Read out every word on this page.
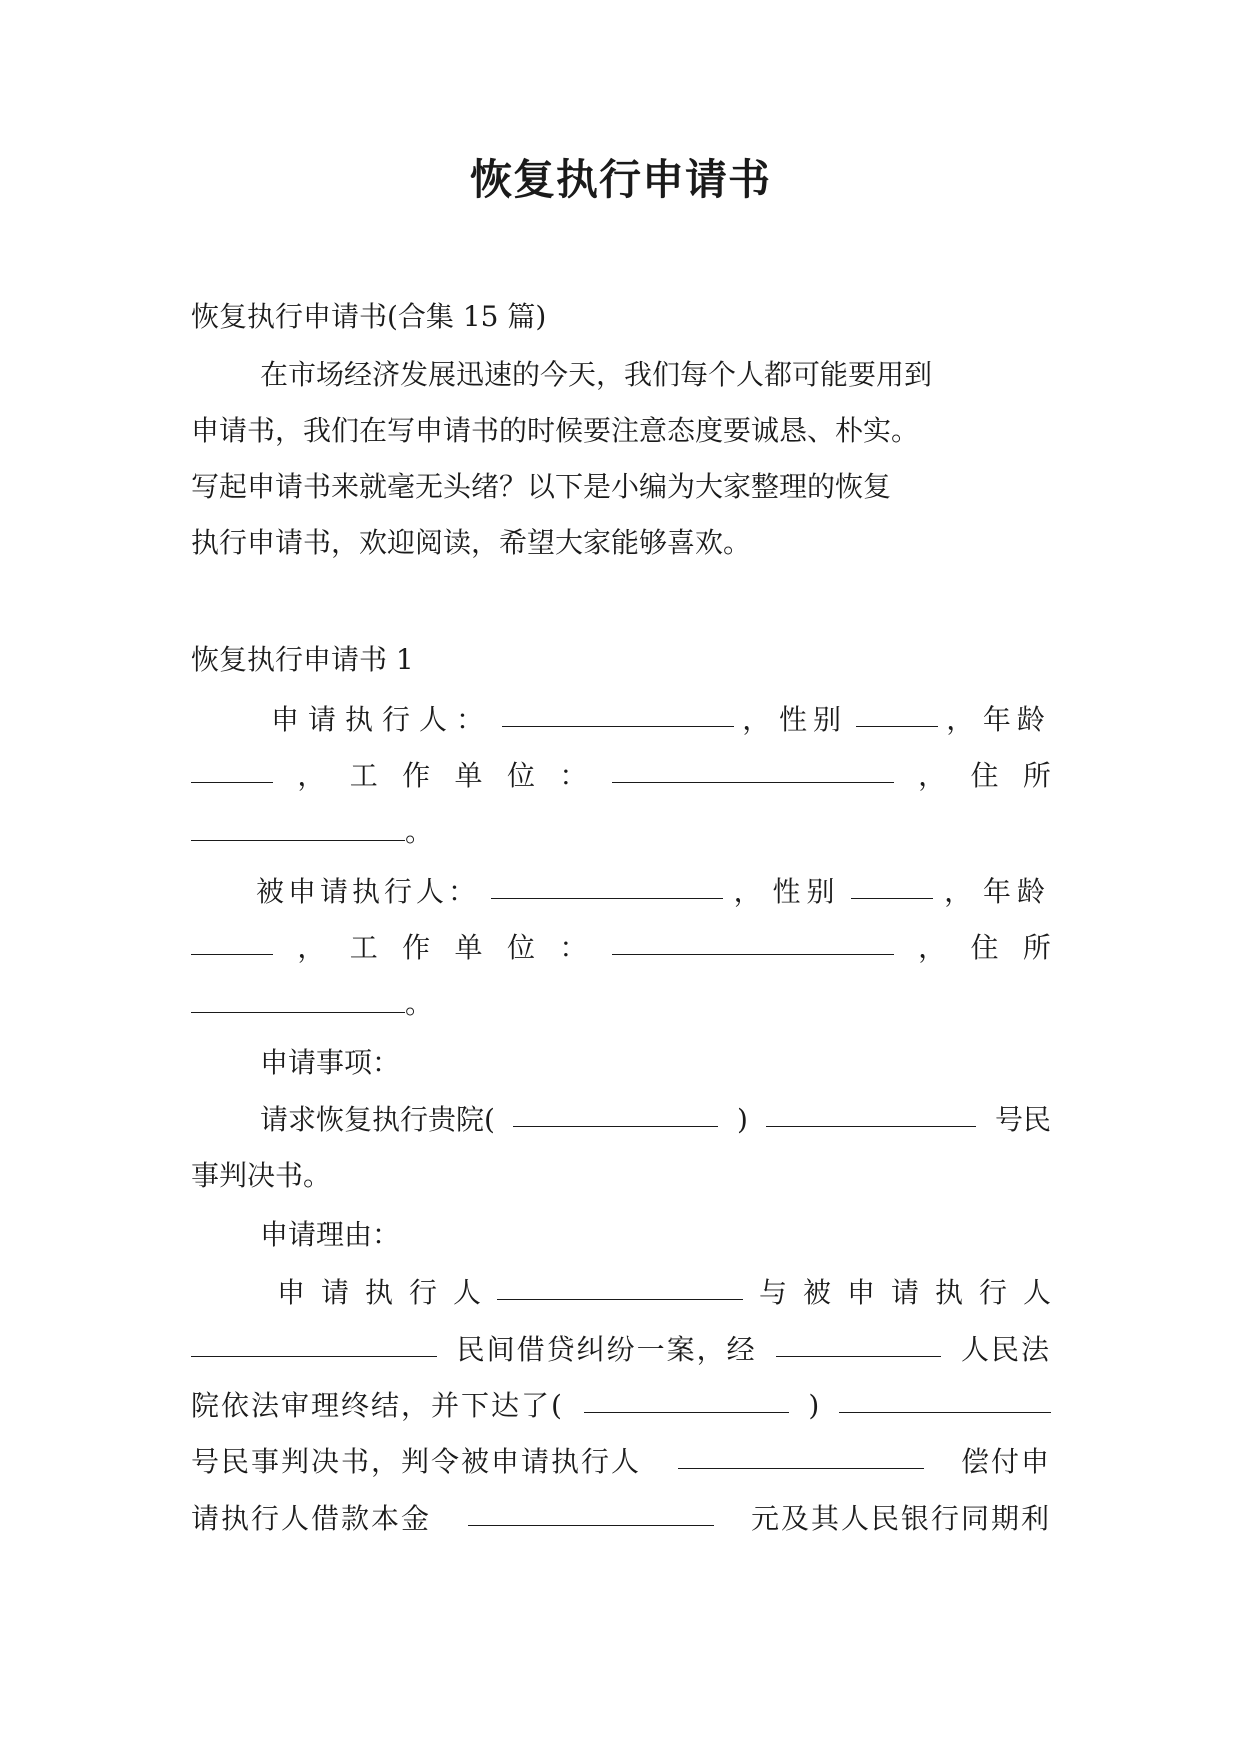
恢复执行申请书
恢复执行申请书(合集 15 篇)
在市场经济发展迅速的今天，我们每个人都可能要用到
申请书，我们在写申请书的时候要注意态度要诚恳、朴实。
写起申请书来就毫无头绪？以下是小编为大家整理的恢复
执行申请书，欢迎阅读，希望大家能够喜欢。
恢复执行申请书 1
申请执行人：	， 性别	， 年龄
， 工 作 单 位 ：	， 住 所
。
被申请执行人：	， 性别	， 年龄
， 工 作 单 位 ：	， 住 所
。
申请事项：
请求恢复执行贵院(	)	号民
事判决书。
申请理由：
申 请 执 行 人	与 被 申 请 执 行 人
民间借贷纠纷一案，经	人民法
院依法审理终结，并下达了(	)
号民事判决书，判令被申请执行人	偿付申
请执行人借款本金	元及其人民银行同期利
